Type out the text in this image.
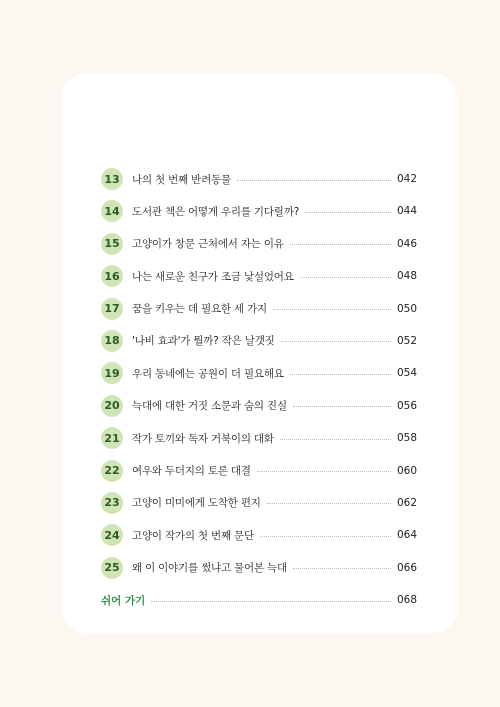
13	나의 첫 번째 반려동물	042
14	도서관 책은 어떻게 우리를 기다릴까?	044
15	고양이가 창문 근처에서 자는 이유	046
16	나는 새로운 친구가 조금 낯설었어요	048
17	꿈을 키우는 데 필요한 세 가지	050
18	'나비 효과'가 뭘까? 작은 날갯짓	052
19	우리 동네에는 공원이 더 필요해요	054
20	늑대에 대한 거짓 소문과 숨의 진실	056
21	작가 토끼와 독자 거북이의 대화	058
22	여우와 두더지의 토론 대결	060
23	고양이 미미에게 도착한 편지	062
24	고양이 작가의 첫 번째 문단	064
25	왜 이 이야기를 썼냐고 물어본 늑대	066
쉬어 가기	068
